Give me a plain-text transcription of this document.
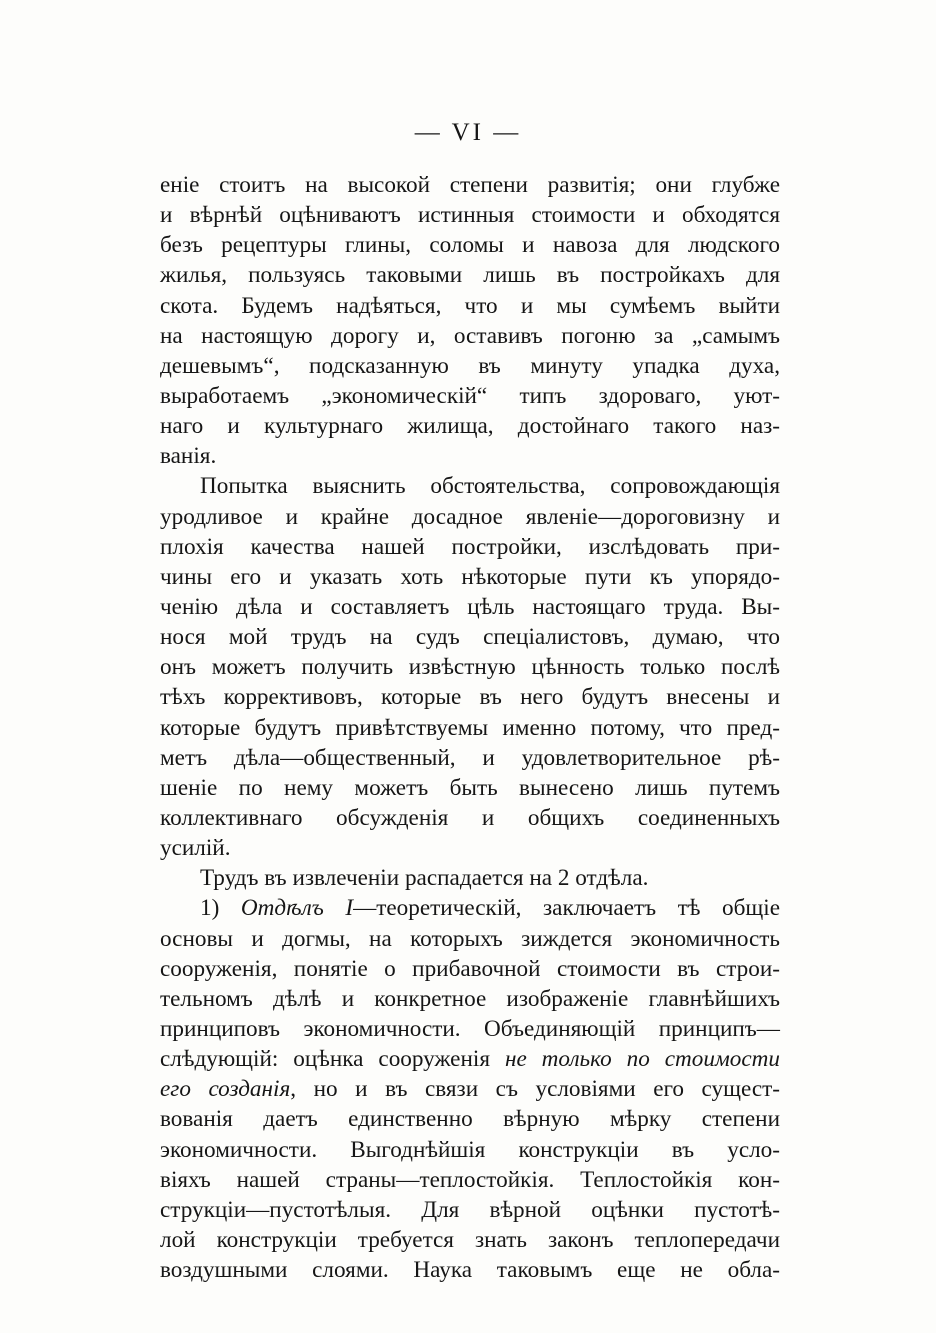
— VI —
еніе стоитъ на высокой степени развитія; они глубже
и вѣрнѣй оцѣниваютъ истинныя стоимости и обходятся
безъ рецептуры глины, соломы и навоза для людского
жилья, пользуясь таковыми лишь въ постройкахъ для
скота. Будемъ надѣяться, что и мы сумѣемъ выйти
на настоящую дорогу и, оставивъ погоню за „самымъ
дешевымъ“, подсказанную въ минуту упадка духа,
выработаемъ „экономическій“ типъ здороваго, уют-
наго и культурнаго жилища, достойнаго такого наз-
ванія.
Попытка выяснить обстоятельства, сопровождающія
уродливое и крайне досадное явленіе—дороговизну и
плохія качества нашей постройки, изслѣдовать при-
чины его и указать хоть нѣкоторые пути къ упорядо-
ченію дѣла и составляетъ цѣль настоящаго труда. Вы-
нося мой трудъ на судъ спеціалистовъ, думаю, что
онъ можетъ получить извѣстную цѣнность только послѣ
тѣхъ коррективовъ, которые въ него будутъ внесены и
которые будутъ привѣтствуемы именно потому, что пред-
метъ дѣла—общественный, и удовлетворительное рѣ-
шеніе по нему можетъ быть вынесено лишь путемъ
коллективнаго обсужденія и общихъ соединенныхъ
усилій.
Трудъ въ извлеченіи распадается на 2 отдѣла.
1) Отдѣлъ I—теоретическій, заключаетъ тѣ общіе
основы и догмы, на которыхъ зиждется экономичность
сооруженія, понятіе о прибавочной стоимости въ строи-
тельномъ дѣлѣ и конкретное изображеніе главнѣйшихъ
принциповъ экономичности. Объединяющій принципъ—
слѣдующій: оцѣнка сооруженія не только по стоимости
его созданія, но и въ связи съ условіями его сущест-
вованія даетъ единственно вѣрную мѣрку степени
экономичности. Выгоднѣйшія конструкціи въ усло-
віяхъ нашей страны—теплостойкія. Теплостойкія кон-
струкціи—пустотѣлыя. Для вѣрной оцѣнки пустотѣ-
лой конструкціи требуется знать законъ теплопередачи
воздушными слоями. Наука таковымъ еще не обла-
